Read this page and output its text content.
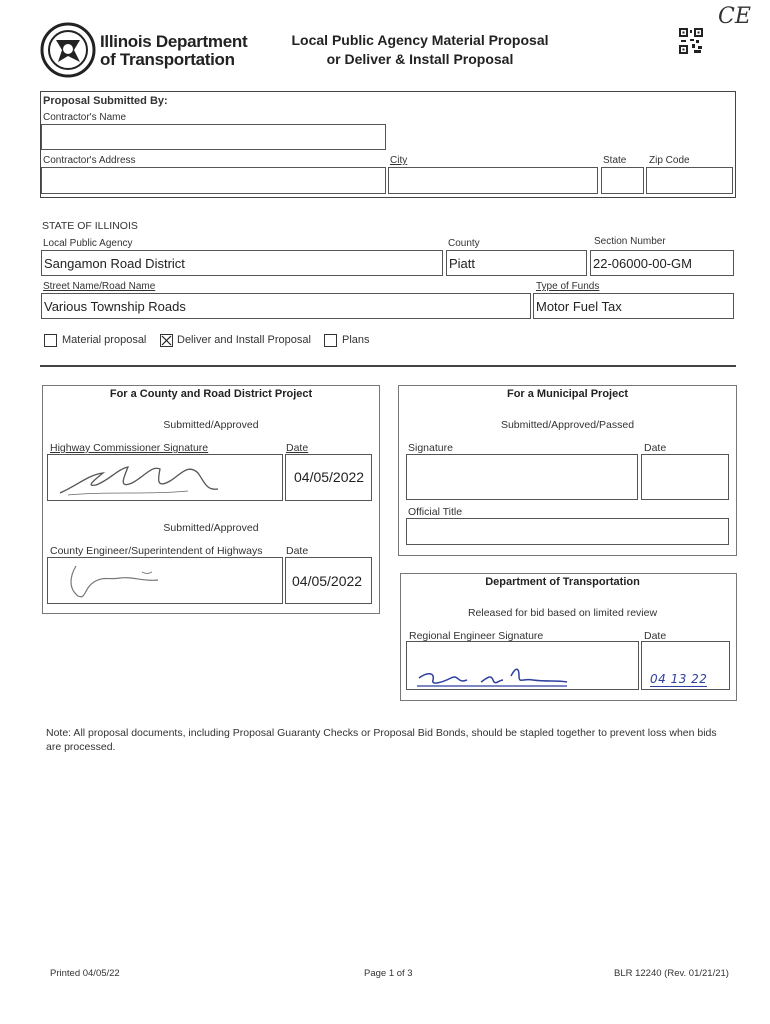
Illinois Department
of Transportation
Local Public Agency Material Proposal
or Deliver & Install Proposal
CE
Proposal Submitted By:
Contractor's Name
Contractor's Address	City	State Zip Code
STATE OF ILLINOIS
Local Public Agency
Sangamon Road District
County
Piatt
Section Number
22-06000-00-GM
Street Name/Road Name
Various Township Roads
Type of Funds
Motor Fuel Tax
Material proposal	Deliver and Install Proposal	Plans
For a County and Road District Project
Submitted/Approved
Highway Commissioner Signature	Date
04/05/2022
Submitted/Approved
County Engineer/Superintendent of Highways Date
04/05/2022
For a Municipal Project
Submitted/Approved/Passed
Signature	Date
Official Title
Department of Transportation
Released for bid based on limited review
Regional Engineer Signature	Date
04 13 22
Note: All proposal documents, including Proposal Guaranty Checks or Proposal Bid Bonds, should be stapled together to prevent loss when bids are processed.
Printed 04/05/22	Page 1 of 3	BLR 12240 (Rev. 01/21/21)
